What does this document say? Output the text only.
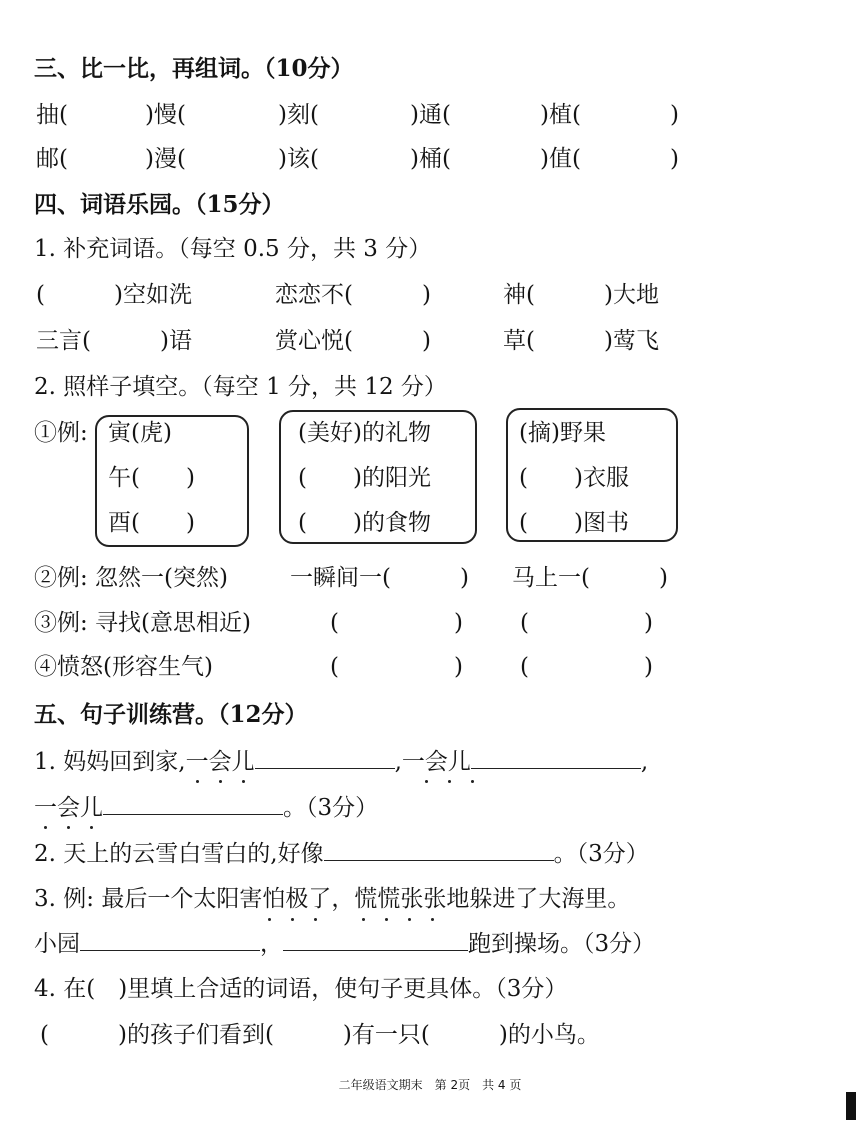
三、比一比，再组词。（10分）
抽(	)慢(	)刻(	)通(	)植(	)
邮(	)漫(	)该(	)桶(	)值(	)
四、词语乐园。（15分）
1. 补充词语。（每空 0.5 分，共 3 分）
(　　　)空如洗	恋恋不(　　　)	神(　　　)大地
三言(　　　)语	赏心悦(　　　)	草(　　　)莺飞
2. 照样子填空。（每空 1 分，共 12 分）
①例: 寅(虎)
午(　　)
酉(　　)
(美好)的礼物
(　　)的阳光
(　　)的食物
(摘)野果
(　　)衣服
(　　)图书
②例: 忽然一(突然)	一瞬间一(　　　) 马上一(　　　)
③例: 寻找(意思相近)	(　　　　　) (　　　　　)
④愤怒(形容生气)	(　　　　　) (　　　　　)
五、句子训练营。（12分）
1. 妈妈回到家,一会儿	,一会儿	,
一会儿	。（3分）
2. 天上的云雪白雪白的,好像	。（3分）
3. 例: 最后一个太阳害怕极了，慌慌张张地躲进了大海里。
小园	，	跑到操场。（3分）
4. 在(　)里填上合适的词语，使句子更具体。（3分）
(　　　)的孩子们看到(　　　)有一只(　　　)的小鸟。
二年级语文期末　第 2页　共 4 页
